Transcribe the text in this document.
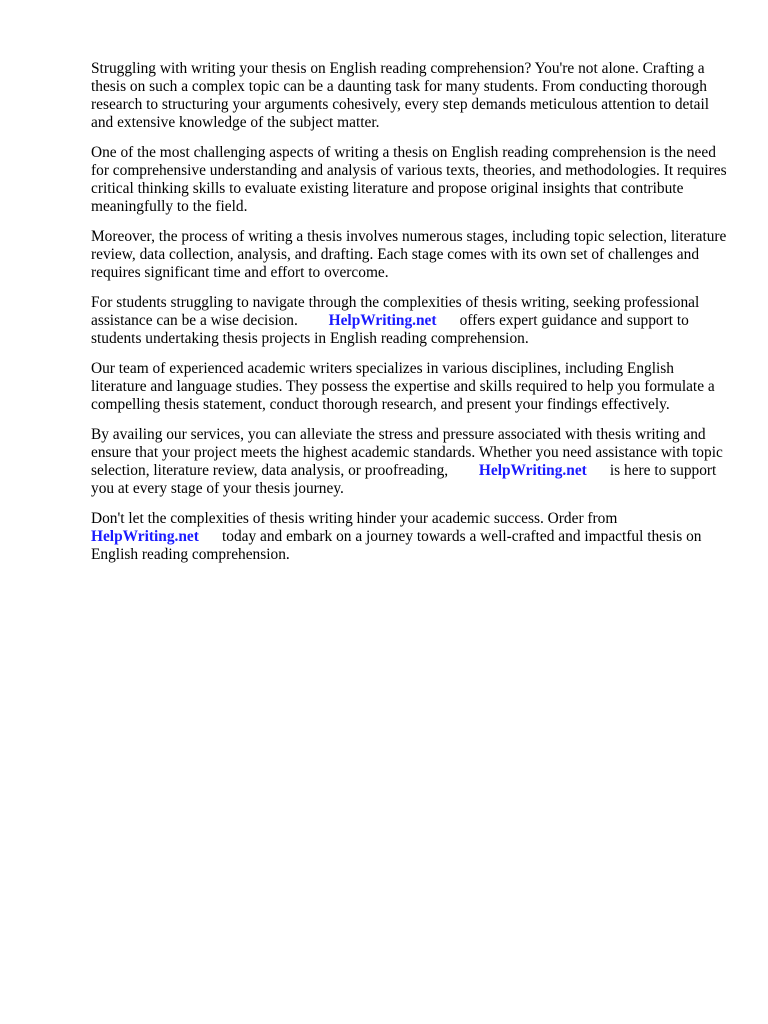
Struggling with writing your thesis on English reading comprehension? You're not alone. Crafting a thesis on such a complex topic can be a daunting task for many students. From conducting thorough research to structuring your arguments cohesively, every step demands meticulous attention to detail and extensive knowledge of the subject matter.

One of the most challenging aspects of writing a thesis on English reading comprehension is the need for comprehensive understanding and analysis of various texts, theories, and methodologies. It requires critical thinking skills to evaluate existing literature and propose original insights that contribute meaningfully to the field.

Moreover, the process of writing a thesis involves numerous stages, including topic selection, literature review, data collection, analysis, and drafting. Each stage comes with its own set of challenges and requires significant time and effort to overcome.

For students struggling to navigate through the complexities of thesis writing, seeking professional assistance can be a wise decision. HelpWriting.net offers expert guidance and support to students undertaking thesis projects in English reading comprehension.

Our team of experienced academic writers specializes in various disciplines, including English literature and language studies. They possess the expertise and skills required to help you formulate a compelling thesis statement, conduct thorough research, and present your findings effectively.

By availing our services, you can alleviate the stress and pressure associated with thesis writing and ensure that your project meets the highest academic standards. Whether you need assistance with topic selection, literature review, data analysis, or proofreading, HelpWriting.net is here to support you at every stage of your thesis journey.

Don't let the complexities of thesis writing hinder your academic success. Order from
HelpWriting.net today and embark on a journey towards a well-crafted and impactful thesis on English reading comprehension.
